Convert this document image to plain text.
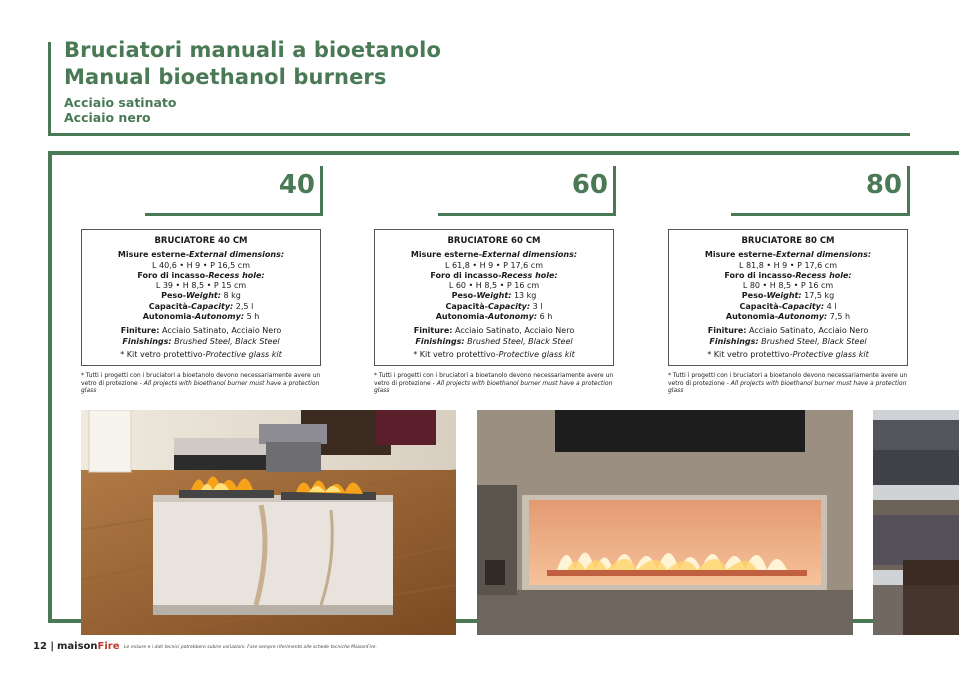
Bruciatori manuali a bioetanolo
Manual bioethanol burners
Acciaio satinato
Acciaio nero
40	60	80
BRUCIATORE 40 CM
Misure esterne-External dimensions:
L 40,6 • H 9 • P 16,5 cm
Foro di incasso-Recess hole:
L 39 • H 8,5 • P 15 cm
Peso-Weight: 8 kg
Capacità-Capacity: 2,5 l
Autonomia-Autonomy: 5 h
Finiture: Acciaio Satinato, Acciaio Nero
Finishings: Brushed Steel, Black Steel
* Kit vetro protettivo-Protective glass kit
BRUCIATORE 60 CM
Misure esterne-External dimensions:
L 61,8 • H 9 • P 17,6 cm
Foro di incasso-Recess hole:
L 60 • H 8,5 • P 16 cm
Peso-Weight: 13 kg
Capacità-Capacity: 3 l
Autonomia-Autonomy: 6 h
Finiture: Acciaio Satinato, Acciaio Nero
Finishings: Brushed Steel, Black Steel
* Kit vetro protettivo-Protective glass kit
BRUCIATORE 80 CM
Misure esterne-External dimensions:
L 81,8 • H 9 • P 17,6 cm
Foro di incasso-Recess hole:
L 80 • H 8,5 • P 16 cm
Peso-Weight: 17,5 kg
Capacità-Capacity: 4 l
Autonomia-Autonomy: 7,5 h
Finiture: Acciaio Satinato, Acciaio Nero
Finishings: Brushed Steel, Black Steel
* Kit vetro protettivo-Protective glass kit
* Tutti i progetti con i bruciatori a bioetanolo devono necessariamente avere un vetro di protezione - All projects with bioethanol burner must have a protection glass
* Tutti i progetti con i bruciatori a bioetanolo devono necessariamente avere un vetro di protezione - All projects with bioethanol burner must have a protection glass
* Tutti i progetti con i bruciatori a bioetanolo devono necessariamente avere un vetro di protezione - All projects with bioethanol burner must have a protection glass
12 | maisonFire Le misure e i dati tecnici potrebbero subire variazioni. Fare sempre riferimento alle schede tecniche MaisonFire.
